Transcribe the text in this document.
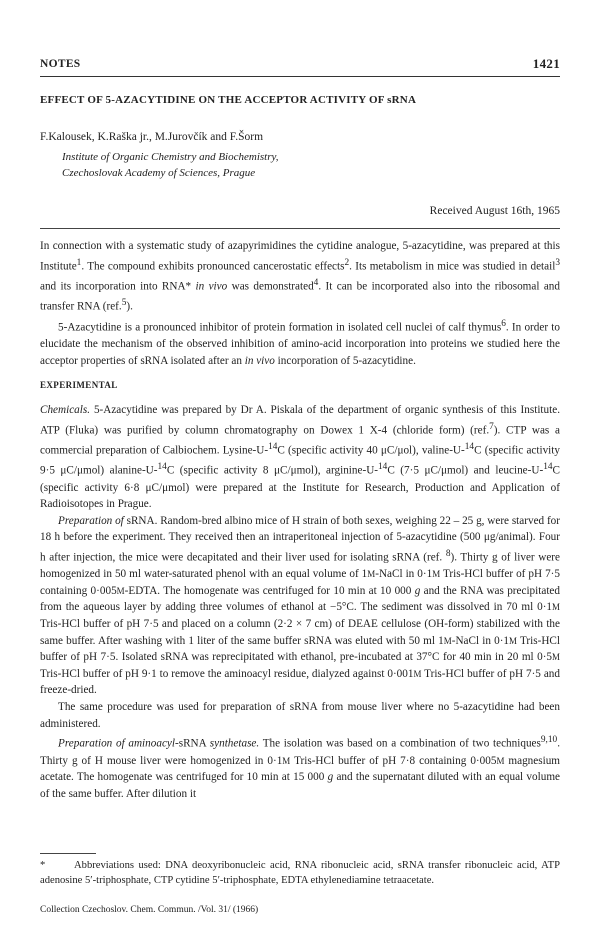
NOTES	1421
EFFECT OF 5-AZACYTIDINE ON THE ACCEPTOR ACTIVITY OF sRNA
F.Kalousek, K.Raška jr., M.Jurovčík and F.Šorm
Institute of Organic Chemistry and Biochemistry,
Czechoslovak Academy of Sciences, Prague
Received August 16th, 1965

In connection with a systematic study of azapyrimidines the cytidine analogue, 5-azacytidine, was prepared at this Institute$^1$. The compound exhibits pronounced cancerostatic effects$^2$. Its metabolism in mice was studied in detail$^3$ and its incorporation into RNA* in vivo was demonstrated$^4$. It can be incorporated also into the ribosomal and transfer RNA (ref.$^5$).

5-Azacytidine is a pronounced inhibitor of protein formation in isolated cell nuclei of calf thymus$^6$. In order to elucidate the mechanism of the observed inhibition of amino-acid incorporation into proteins we studied here the acceptor properties of sRNA isolated after an in vivo incorporation of 5-azacytidine.

EXPERIMENTAL

Chemicals. 5-Azacytidine was prepared by Dr A. Piskala of the department of organic synthesis of this Institute. ATP (Fluka) was purified by column chromatography on Dowex 1 X-4 (chloride form) (ref.$^7$). CTP was a commercial preparation of Calbiochem. Lysine-U-$^{14}$C (specific activity 40 μC/μol), valine-U-$^{14}$C (specific activity 9·5 μC/μmol) alanine-U-$^{14}$C (specific activity 8 μC/μmol), arginine-U-$^{14}$C (7·5 μC/μmol) and leucine-U-$^{14}$C (specific activity 6·8 μC/μmol) were prepared at the Institute for Research, Production and Application of Radioisotopes in Prague.

Preparation of sRNA. Random-bred albino mice of H strain of both sexes, weighing 22 – 25 g, were starved for 18 h before the experiment. They received then an intraperitoneal injection of 5-azacytidine (500 μg/animal). Four h after injection, the mice were decapitated and their liver used for isolating sRNA (ref. $^8$). Thirty g of liver were homogenized in 50 ml water-saturated phenol with an equal volume of 1M-NaCl in 0·1M Tris-HCl buffer of pH 7·5 containing 0·005M-EDTA. The homogenate was centrifuged for 10 min at 10 000 g and the RNA was precipitated from the aqueous layer by adding three volumes of ethanol at −5°C. The sediment was dissolved in 70 ml 0·1M Tris-HCl buffer of pH 7·5 and placed on a column (2·2 × 7 cm) of DEAE cellulose (OH-form) stabilized with the same buffer. After washing with 1 liter of the same buffer sRNA was eluted with 50 ml 1M-NaCl in 0·1M Tris-HCl buffer of pH 7·5. Isolated sRNA was reprecipitated with ethanol, pre-incubated at 37°C for 40 min in 20 ml 0·5M Tris-HCl buffer of pH 9·1 to remove the aminoacyl residue, dialyzed against 0·001M Tris-HCl buffer of pH 7·5 and freeze-dried.

The same procedure was used for preparation of sRNA from mouse liver where no 5-azacytidine had been administered.

Preparation of aminoacyl-sRNA synthetase. The isolation was based on a combination of two techniques$^{9,10}$. Thirty g of H mouse liver were homogenized in 0·1M Tris-HCl buffer of pH 7·8 containing 0·005M magnesium acetate. The homogenate was centrifuged for 10 min at 15 000 g and the supernatant diluted with an equal volume of the same buffer. After dilution it

*	Abbreviations used: DNA deoxyribonucleic acid, RNA ribonucleic acid, sRNA transfer ribonucleic acid, ATP adenosine 5′-triphosphate, CTP cytidine 5′-triphosphate, EDTA ethylenediamine tetraacetate.
Collection Czechoslov. Chem. Commun. /Vol. 31/ (1966)
